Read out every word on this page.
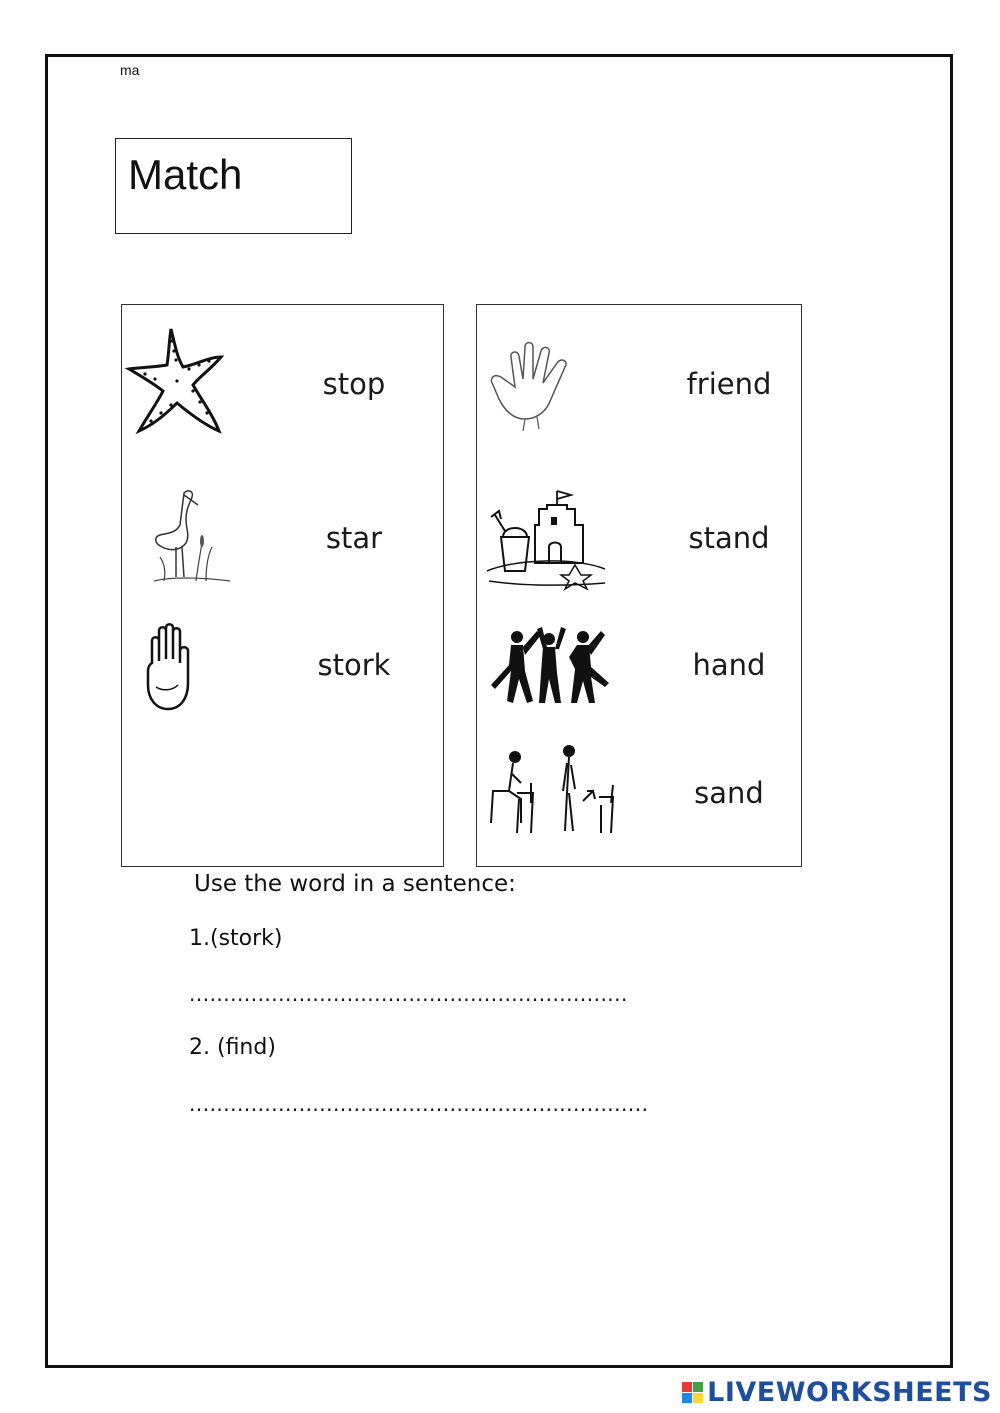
ma
Match
stop
star
stork
friend
stand
hand
sand
Use the word in a sentence:
1.(stork)
................................................................
2. (find)
...................................................................
LIVEWORKSHEETS
